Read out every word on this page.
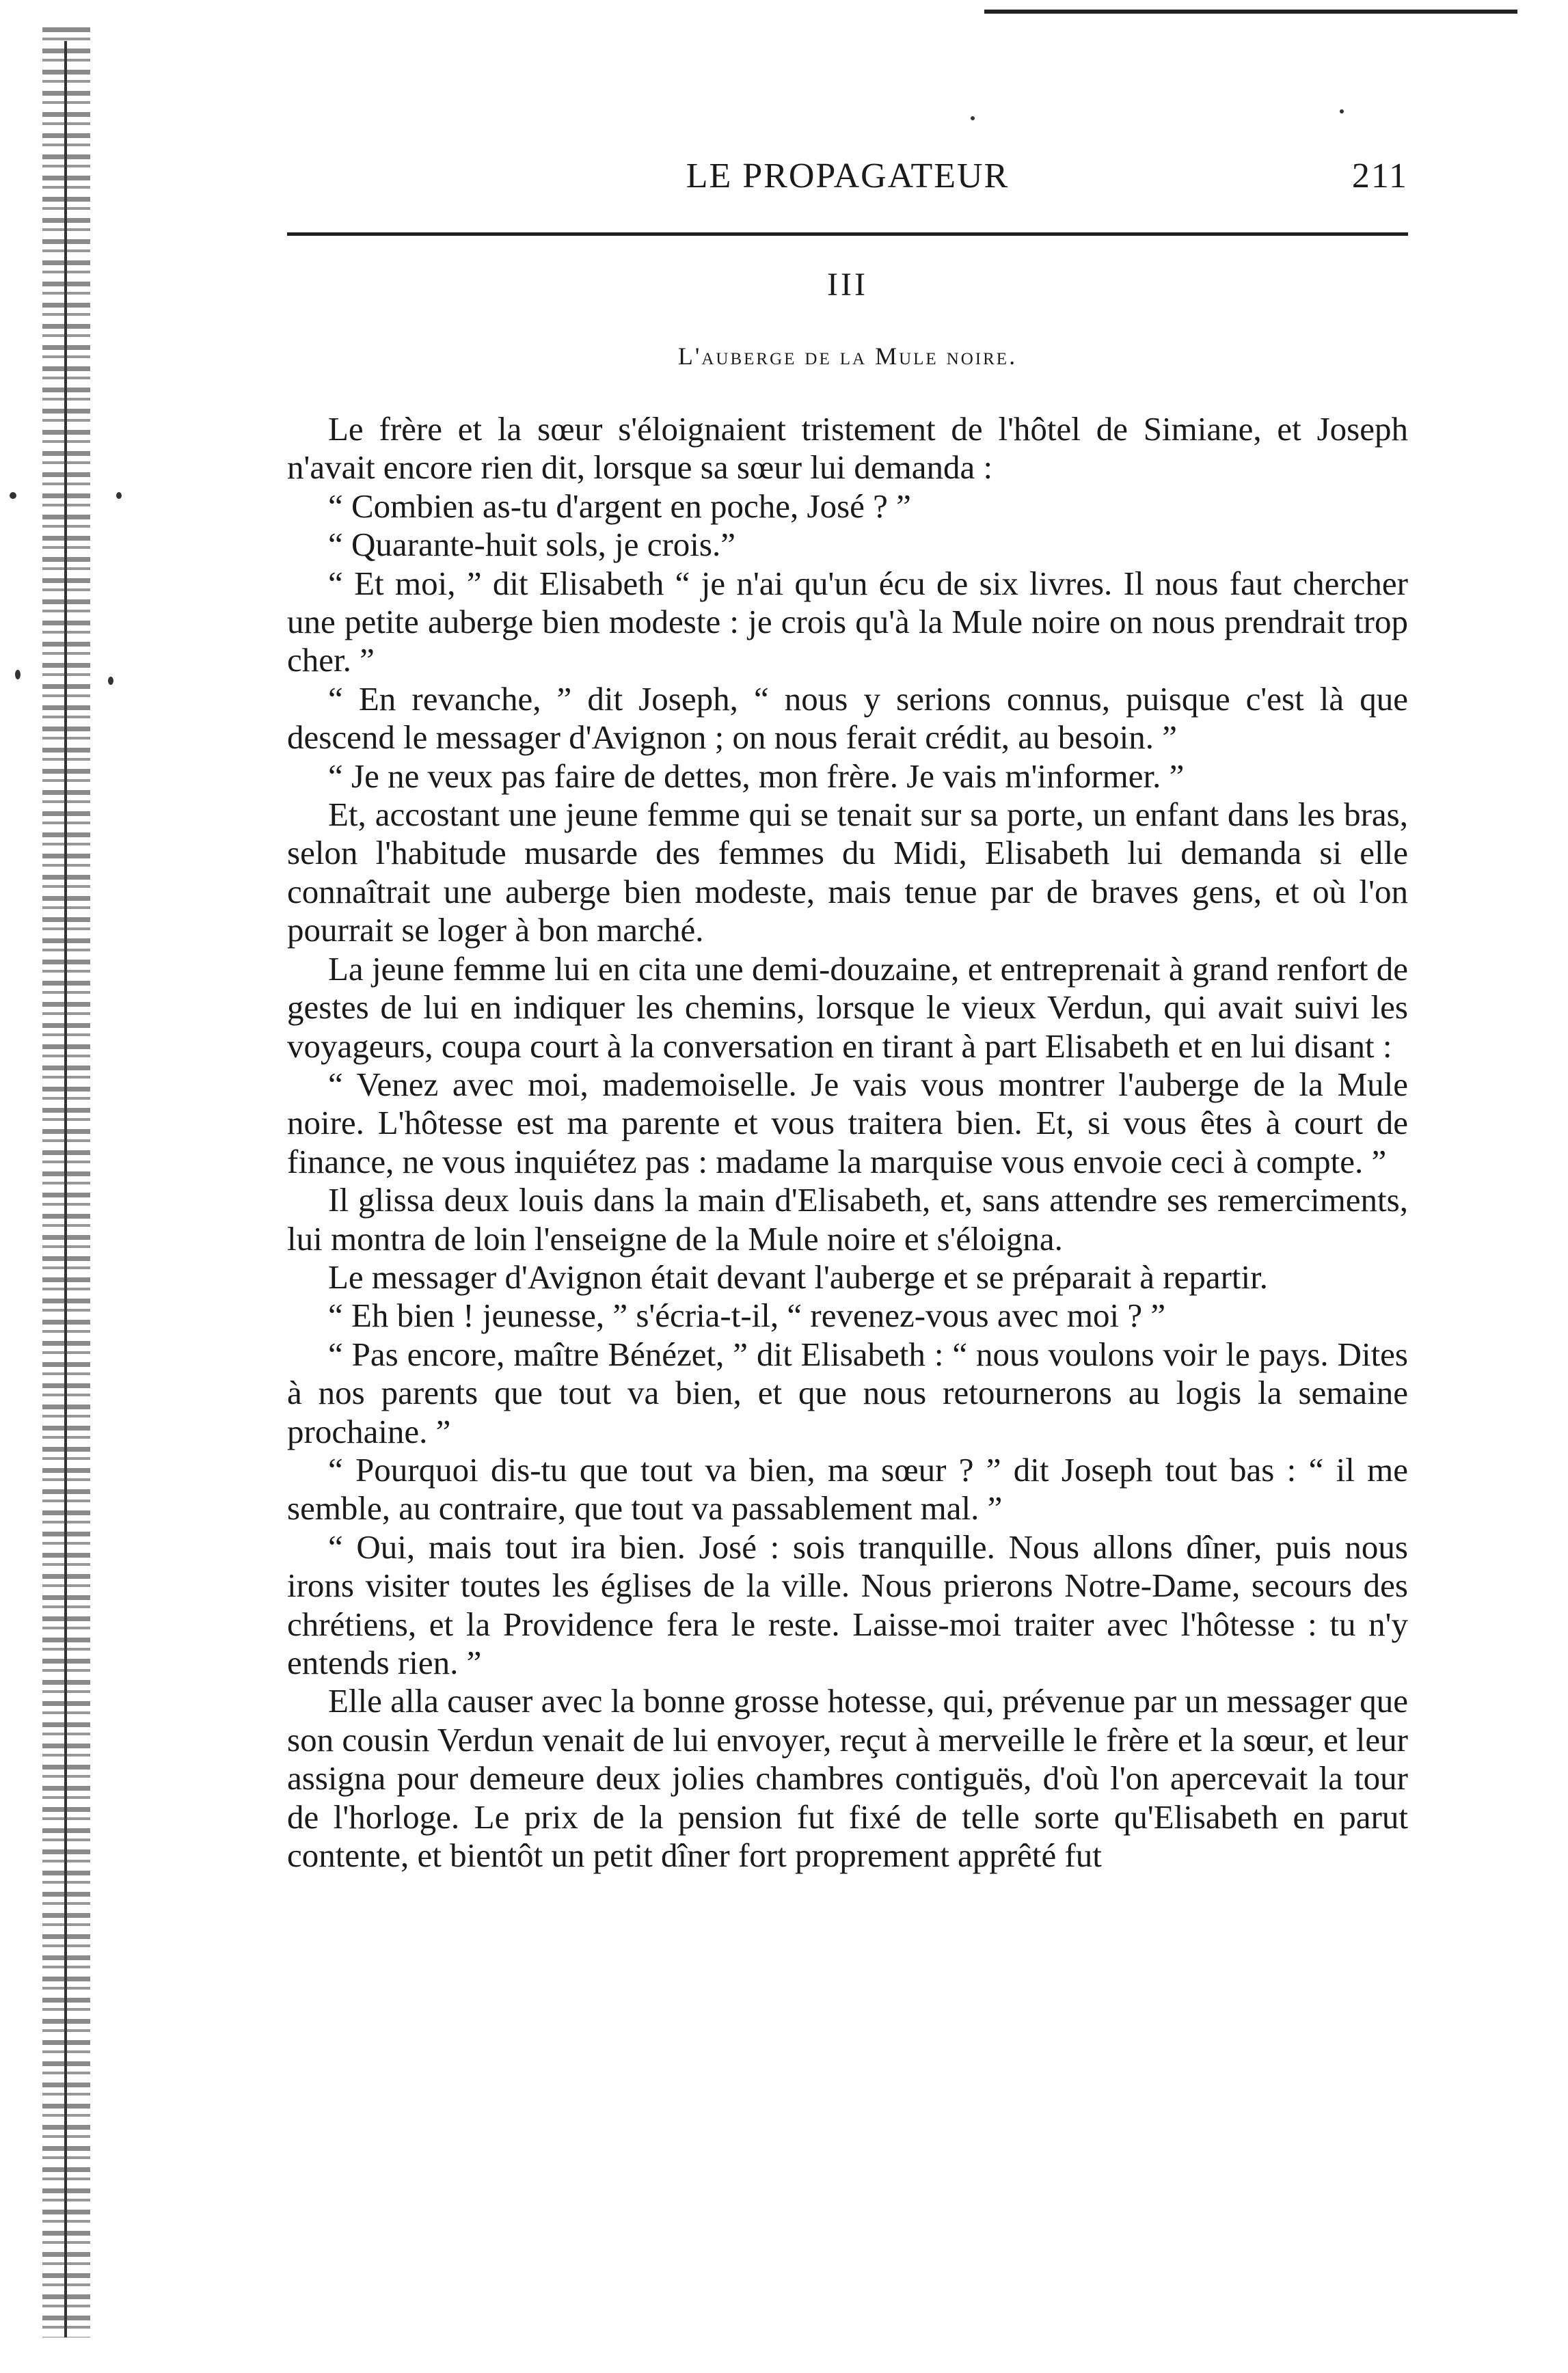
LE PROPAGATEUR	211
III
L'auberge de la Mule noire.

Le frère et la sœur s'éloignaient tristement de l'hôtel de Simiane, et Joseph n'avait encore rien dit, lorsque sa sœur lui demanda :

“ Combien as-tu d'argent en poche, José ? ”

“ Quarante-huit sols, je crois.”

“ Et moi, ” dit Elisabeth “ je n'ai qu'un écu de six livres. Il nous faut chercher une petite auberge bien modeste : je crois qu'à la Mule noire on nous prendrait trop cher. ”

“ En revanche, ” dit Joseph, “ nous y serions connus, puisque c'est là que descend le messager d'Avignon ; on nous ferait crédit, au besoin. ”

“ Je ne veux pas faire de dettes, mon frère. Je vais m'informer. ”

Et, accostant une jeune femme qui se tenait sur sa porte, un enfant dans les bras, selon l'habitude musarde des femmes du Midi, Elisabeth lui demanda si elle connaîtrait une auberge bien modeste, mais tenue par de braves gens, et où l'on pourrait se loger à bon marché.

La jeune femme lui en cita une demi-douzaine, et entreprenait à grand renfort de gestes de lui en indiquer les chemins, lorsque le vieux Verdun, qui avait suivi les voyageurs, coupa court à la conversation en tirant à part Elisabeth et en lui disant :

“ Venez avec moi, mademoiselle. Je vais vous montrer l'auberge de la Mule noire. L'hôtesse est ma parente et vous traitera bien. Et, si vous êtes à court de finance, ne vous inquiétez pas : madame la marquise vous envoie ceci à compte. ”

Il glissa deux louis dans la main d'Elisabeth, et, sans attendre ses remerciments, lui montra de loin l'enseigne de la Mule noire et s'éloigna.

Le messager d'Avignon était devant l'auberge et se préparait à repartir.

“ Eh bien ! jeunesse, ” s'écria-t-il, “ revenez-vous avec moi ? ”

“ Pas encore, maître Bénézet, ” dit Elisabeth : “ nous voulons voir le pays. Dites à nos parents que tout va bien, et que nous retournerons au logis la semaine prochaine. ”

“ Pourquoi dis-tu que tout va bien, ma sœur ? ” dit Joseph tout bas : “ il me semble, au contraire, que tout va passablement mal. ”

“ Oui, mais tout ira bien. José : sois tranquille. Nous allons dîner, puis nous irons visiter toutes les églises de la ville. Nous prierons Notre-Dame, secours des chrétiens, et la Providence fera le reste. Laisse-moi traiter avec l'hôtesse : tu n'y entends rien. ”

Elle alla causer avec la bonne grosse hotesse, qui, prévenue par un messager que son cousin Verdun venait de lui envoyer, reçut à merveille le frère et la sœur, et leur assigna pour demeure deux jolies chambres contiguës, d'où l'on apercevait la tour de l'horloge. Le prix de la pension fut fixé de telle sorte qu'Elisabeth en parut contente, et bientôt un petit dîner fort proprement apprêté fut
